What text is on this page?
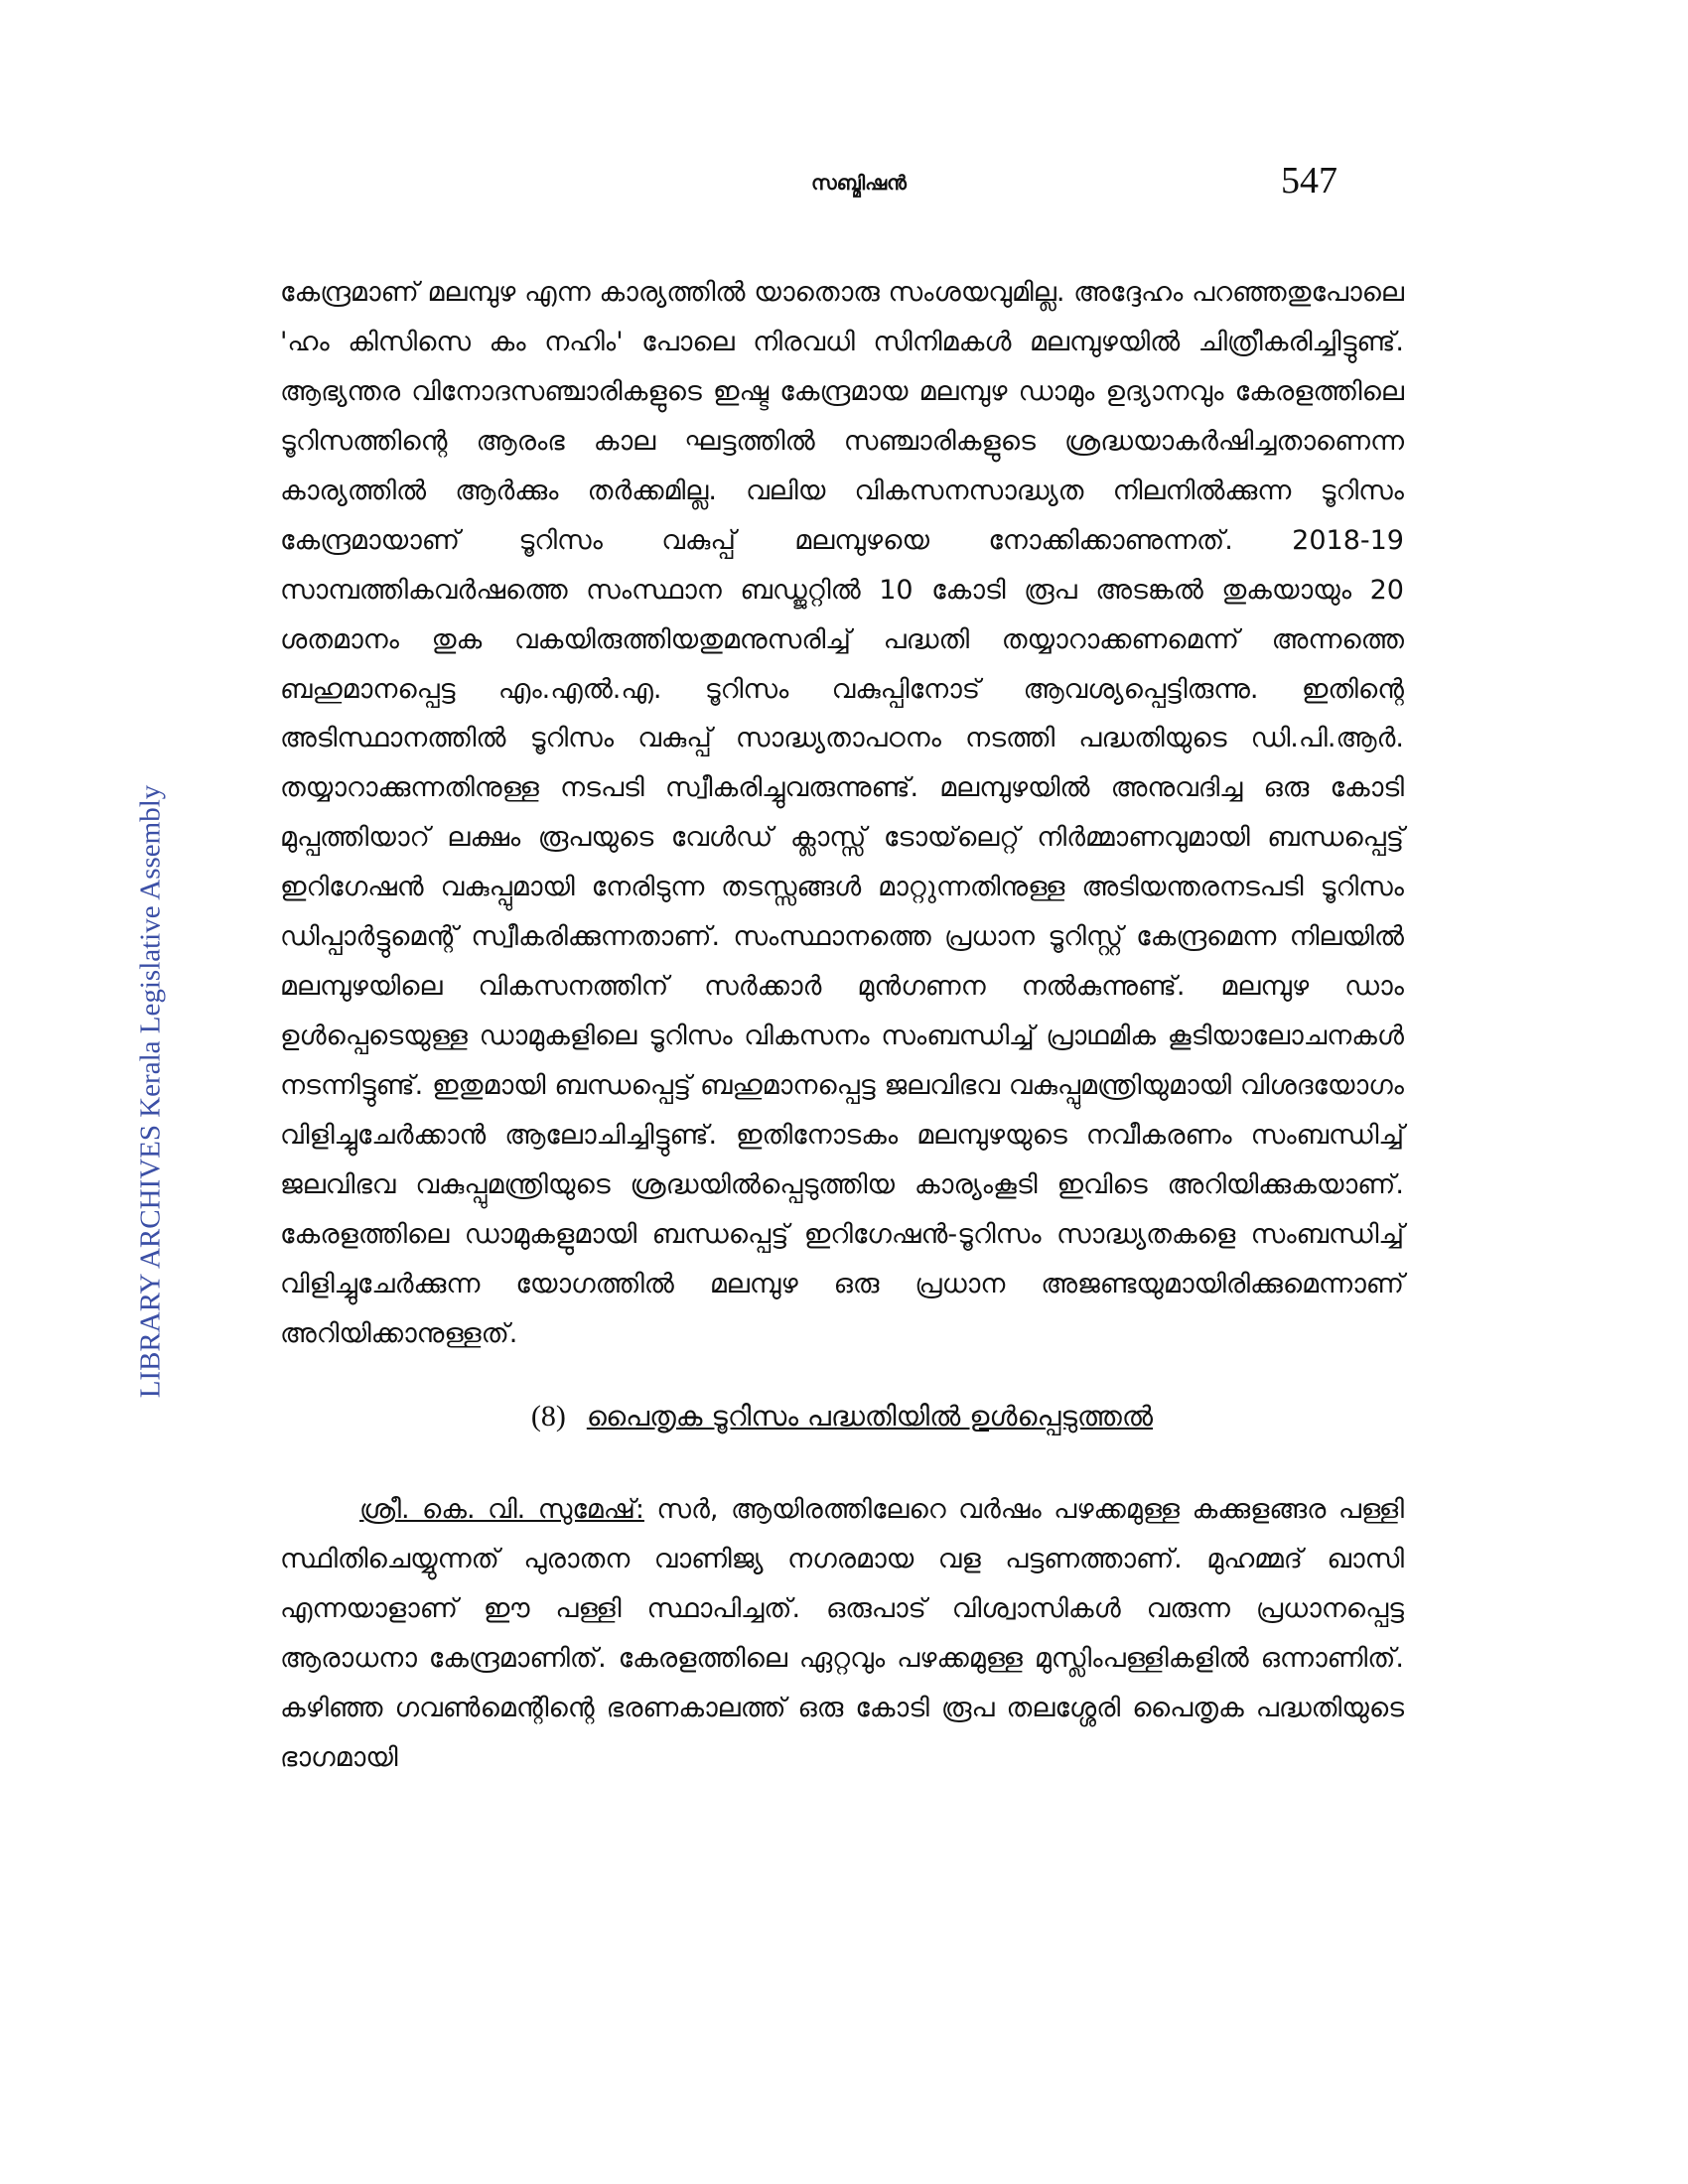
സബ്മിഷൻ	547
LIBRARY ARCHIVES Kerala Legislative Assembly

കേന്ദ്രമാണ് മലമ്പുഴ എന്ന കാര്യത്തിൽ യാതൊരു സംശയവുമില്ല. അദ്ദേഹം പറഞ്ഞതുപോലെ 'ഹം കിസിസെ കം നഹിം' പോലെ നിരവധി സിനിമകൾ മലമ്പുഴയിൽ ചിത്രീകരിച്ചിട്ടുണ്ട്. ആഭ്യന്തര വിനോദസഞ്ചാരികളുടെ ഇഷ്ട കേന്ദ്രമായ മലമ്പുഴ ഡാമും ഉദ്യാനവും കേരളത്തിലെ ടൂറിസത്തിന്റെ ആരംഭ കാല ഘട്ടത്തിൽ സഞ്ചാരികളുടെ ശ്രദ്ധയാകർഷിച്ചതാണെന്ന കാര്യത്തിൽ ആർക്കും തർക്കമില്ല. വലിയ വികസനസാദ്ധ്യത നിലനിൽക്കുന്ന ടൂറിസം കേന്ദ്രമായാണ് ടൂറിസം വകുപ്പ് മലമ്പുഴയെ നോക്കിക്കാണുന്നത്. 2018-19 സാമ്പത്തികവർഷത്തെ സംസ്ഥാന ബഡ്ജറ്റിൽ 10 കോടി രൂപ അടങ്കൽ തുകയായും 20 ശതമാനം തുക വകയിരുത്തിയതുമനുസരിച്ച് പദ്ധതി തയ്യാറാക്കണമെന്ന് അന്നത്തെ ബഹുമാനപ്പെട്ട എം.എൽ.എ. ടൂറിസം വകുപ്പിനോട് ആവശ്യപ്പെട്ടിരുന്നു. ഇതിന്റെ അടിസ്ഥാനത്തിൽ ടൂറിസം വകുപ്പ് സാദ്ധ്യതാപഠനം നടത്തി പദ്ധതിയുടെ ഡി.പി.ആർ. തയ്യാറാക്കുന്നതിനുള്ള നടപടി സ്വീകരിച്ചുവരുന്നുണ്ട്. മലമ്പുഴയിൽ അനുവദിച്ച ഒരു കോടി മുപ്പത്തിയാറ് ലക്ഷം രൂപയുടെ വേൾഡ് ക്ലാസ്സ് ടോയ്‌ലെറ്റ് നിർമ്മാണവുമായി ബന്ധപ്പെട്ട് ഇറിഗേഷൻ വകുപ്പുമായി നേരിടുന്ന തടസ്സങ്ങൾ മാറ്റുന്നതിനുള്ള അടിയന്തരനടപടി ടൂറിസം ഡിപ്പാർട്ടുമെന്റ് സ്വീകരിക്കുന്നതാണ്. സംസ്ഥാനത്തെ പ്രധാന ടൂറിസ്റ്റ് കേന്ദ്രമെന്ന നിലയിൽ മലമ്പുഴയിലെ വികസനത്തിന് സർക്കാർ മുൻഗണന നൽകുന്നുണ്ട്. മലമ്പുഴ ഡാം ഉൾപ്പെടെയുള്ള ഡാമുകളിലെ ടൂറിസം വികസനം സംബന്ധിച്ച് പ്രാഥമിക കൂടിയാലോചനകൾ നടന്നിട്ടുണ്ട്. ഇതുമായി ബന്ധപ്പെട്ട് ബഹുമാനപ്പെട്ട ജലവിഭവ വകുപ്പുമന്ത്രിയുമായി വിശദയോഗം വിളിച്ചുചേർക്കാൻ ആലോചിച്ചിട്ടുണ്ട്. ഇതിനോടകം മലമ്പുഴയുടെ നവീകരണം സംബന്ധിച്ച് ജലവിഭവ വകുപ്പുമന്ത്രിയുടെ ശ്രദ്ധയിൽപ്പെടുത്തിയ കാര്യംകൂടി ഇവിടെ അറിയിക്കുകയാണ്. കേരളത്തിലെ ഡാമുകളുമായി ബന്ധപ്പെട്ട് ഇറിഗേഷൻ-ടൂറിസം സാദ്ധ്യതകളെ സംബന്ധിച്ച് വിളിച്ചുചേർക്കുന്ന യോഗത്തിൽ മലമ്പുഴ ഒരു പ്രധാന അജണ്ടയുമായിരിക്കുമെന്നാണ് അറിയിക്കാനുള്ളത്.

(8) പൈതൃക ടൂറിസം പദ്ധതിയിൽ ഉൾപ്പെടുത്തൽ

ശ്രീ. കെ. വി. സുമേഷ്: സർ, ആയിരത്തിലേറെ വർഷം പഴക്കമുള്ള കക്കുളങ്ങര പള്ളി സ്ഥിതിചെയ്യുന്നത് പുരാതന വാണിജ്യ നഗരമായ വള പട്ടണത്താണ്. മുഹമ്മദ് ഖാസി എന്നയാളാണ് ഈ പള്ളി സ്ഥാപിച്ചത്. ഒരുപാട് വിശ്വാസികൾ വരുന്ന പ്രധാനപ്പെട്ട ആരാധനാ കേന്ദ്രമാണിത്. കേരളത്തിലെ ഏറ്റവും പഴക്കമുള്ള മുസ്ലിംപള്ളികളിൽ ഒന്നാണിത്. കഴിഞ്ഞ ഗവൺമെന്റിന്റെ ഭരണകാലത്ത് ഒരു കോടി രൂപ തലശ്ശേരി പൈതൃക പദ്ധതിയുടെ ഭാഗമായി
